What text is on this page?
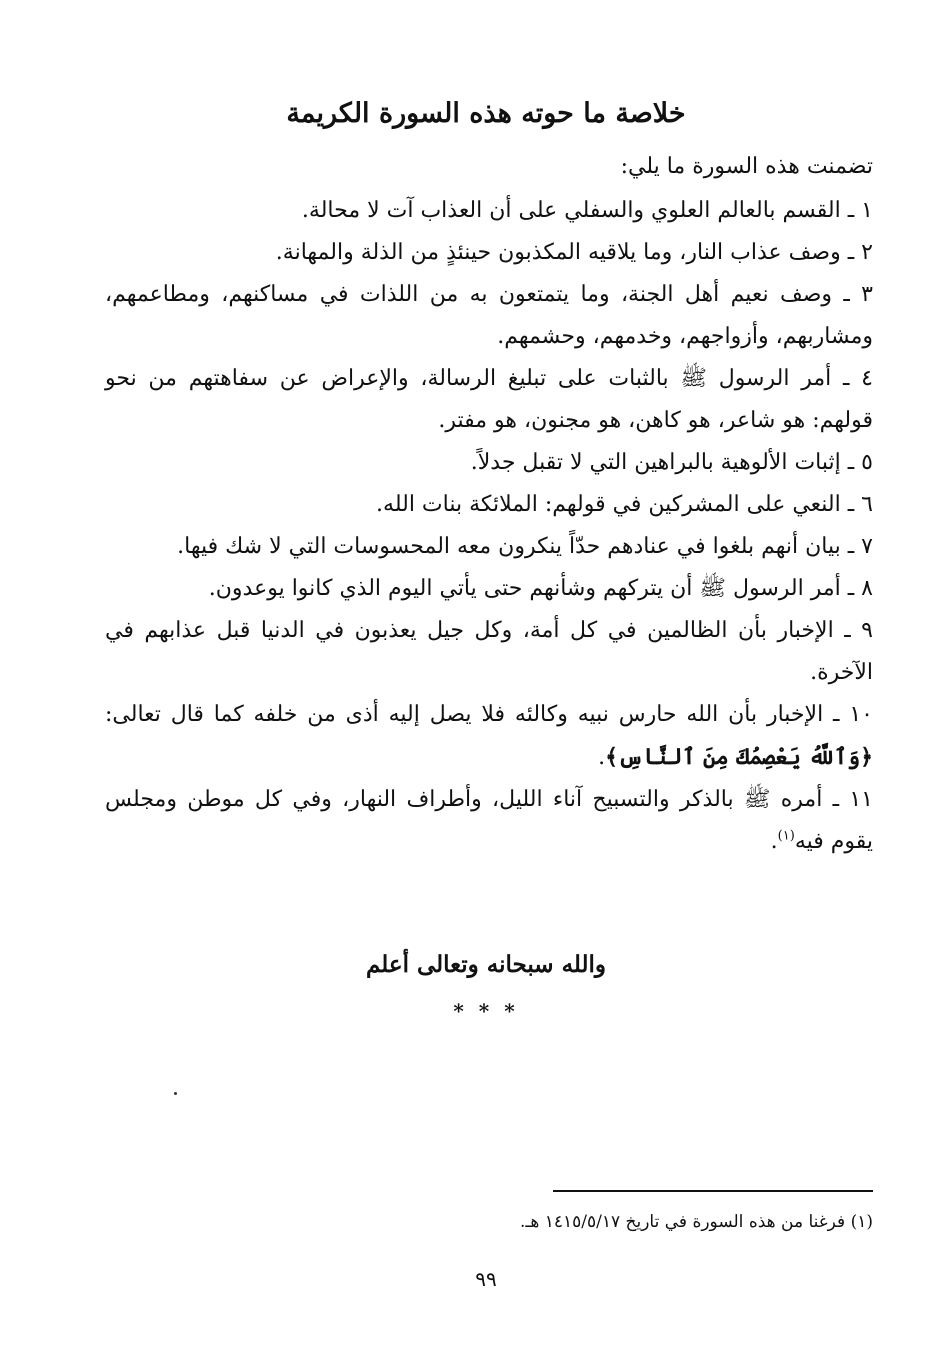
خلاصة ما حوته هذه السورة الكريمة
تضمنت هذه السورة ما يلي:
١ ـ القسم بالعالم العلوي والسفلي على أن العذاب آت لا محالة.
٢ ـ وصف عذاب النار، وما يلاقيه المكذبون حينئذٍ من الذلة والمهانة.
٣ ـ وصف نعيم أهل الجنة، وما يتمتعون به من اللذات في مساكنهم، ومطاعمهم، ومشاربهم، وأزواجهم، وخدمهم، وحشمهم.
٤ ـ أمر الرسول ﷺ بالثبات على تبليغ الرسالة، والإعراض عن سفاهتهم من نحو قولهم: هو شاعر، هو كاهن، هو مجنون، هو مفتر.
٥ ـ إثبات الألوهية بالبراهين التي لا تقبل جدلاً.
٦ ـ النعي على المشركين في قولهم: الملائكة بنات الله.
٧ ـ بيان أنهم بلغوا في عنادهم حدّاً ينكرون معه المحسوسات التي لا شك فيها.
٨ ـ أمر الرسول ﷺ أن يتركهم وشأنهم حتى يأتي اليوم الذي كانوا يوعدون.
٩ ـ الإخبار بأن الظالمين في كل أمة، وكل جيل يعذبون في الدنيا قبل عذابهم في الآخرة.
١٠ ـ الإخبار بأن الله حارس نبيه وكالئه فلا يصل إليه أذى من خلفه كما قال تعالى: ﴿وَٱللَّهُ يَعْصِمُكَ مِنَ ٱلنَّاسِ﴾.
١١ ـ أمره ﷺ بالذكر والتسبيح آناء الليل، وأطراف النهار، وفي كل موطن ومجلس يقوم فيه$^{(١)}$.
والله سبحانه وتعالى أعلم
* * *
(١) فرغنا من هذه السورة في تاريخ ١٤١٥/٥/١٧ هـ.
٩٩
